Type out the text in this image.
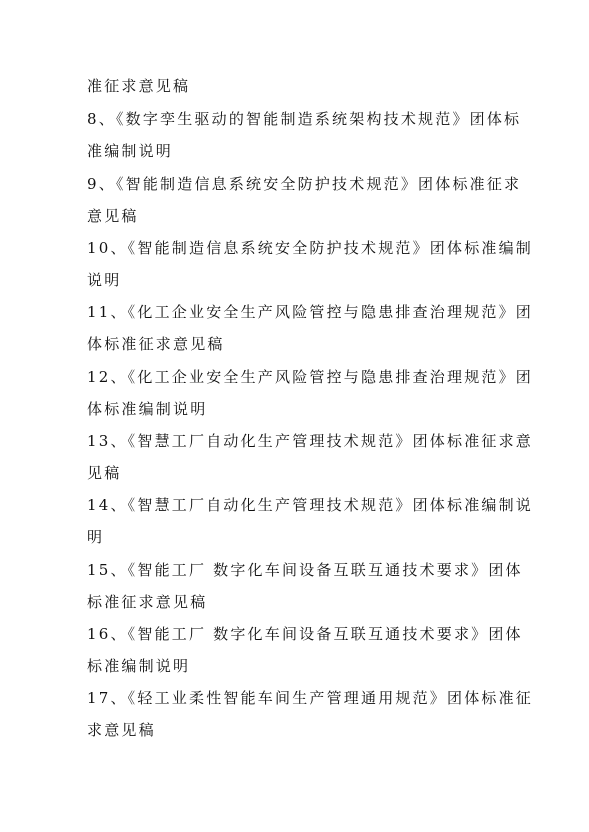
准征求意见稿
8、《数字孪生驱动的智能制造系统架构技术规范》团体标
准编制说明
9、《智能制造信息系统安全防护技术规范》团体标准征求
意见稿
10、《智能制造信息系统安全防护技术规范》团体标准编制
说明
11、《化工企业安全生产风险管控与隐患排查治理规范》团
体标准征求意见稿
12、《化工企业安全生产风险管控与隐患排查治理规范》团
体标准编制说明
13、《智慧工厂自动化生产管理技术规范》团体标准征求意
见稿
14、《智慧工厂自动化生产管理技术规范》团体标准编制说
明
15、《智能工厂 数字化车间设备互联互通技术要求》团体
标准征求意见稿
16、《智能工厂 数字化车间设备互联互通技术要求》团体
标准编制说明
17、《轻工业柔性智能车间生产管理通用规范》团体标准征
求意见稿
